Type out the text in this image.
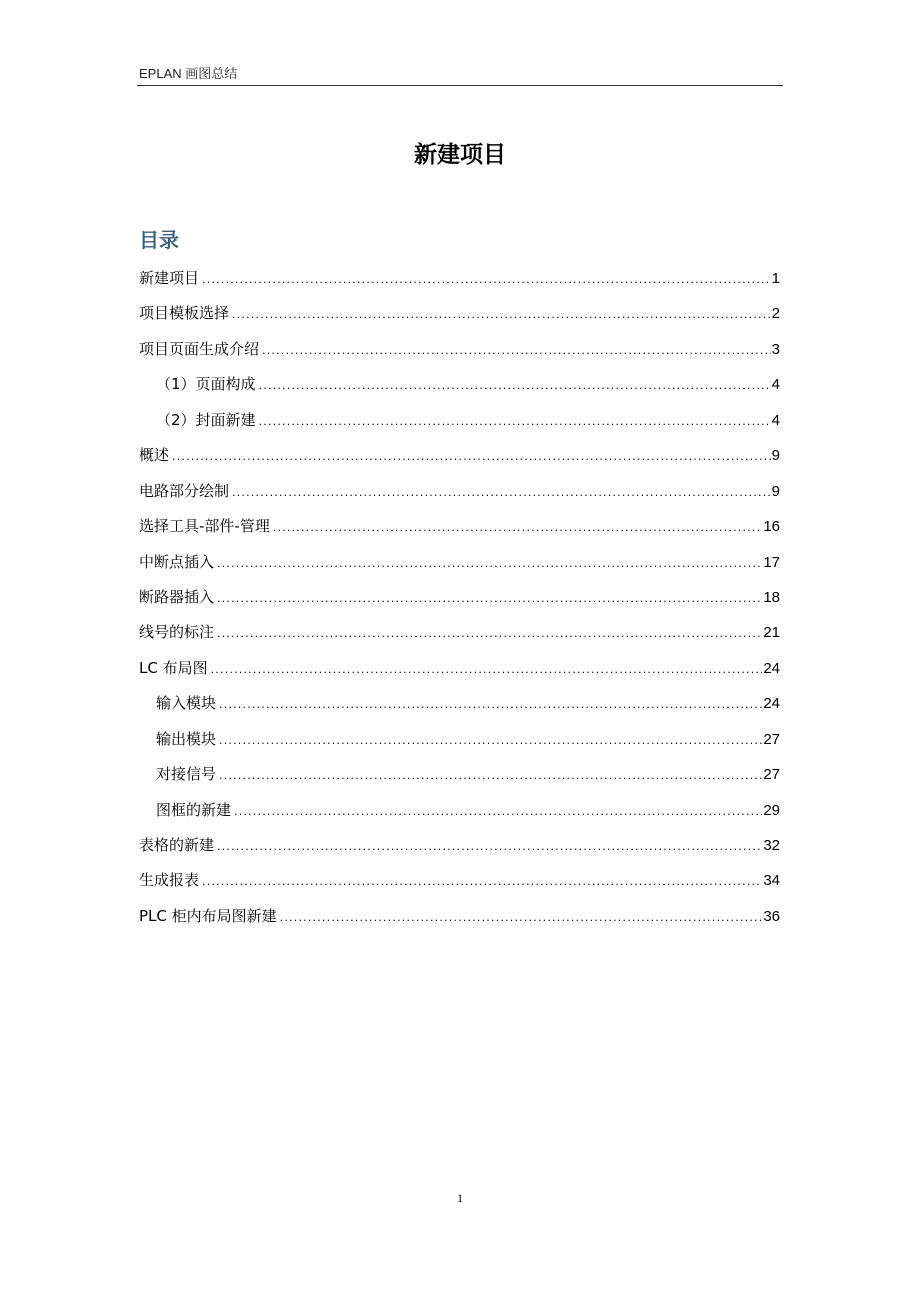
EPLAN 画图总结
新建项目
目录
新建项目 .....	1
项目模板选择 .....	2
项目页面生成介绍 .....	3
（1）页面构成 .....	4
（2）封面新建 .....	4
概述 .....	9
电路部分绘制 .....	9
选择工具-部件-管理 .....	16
中断点插入 .....	17
断路器插入 .....	18
线号的标注 .....	21
LC 布局图 .....	24
输入模块 .....	24
输出模块 .....	27
对接信号 .....	27
图框的新建 .....	29
表格的新建 .....	32
生成报表 .....	34
PLC 柜内布局图新建 .....	36
1
